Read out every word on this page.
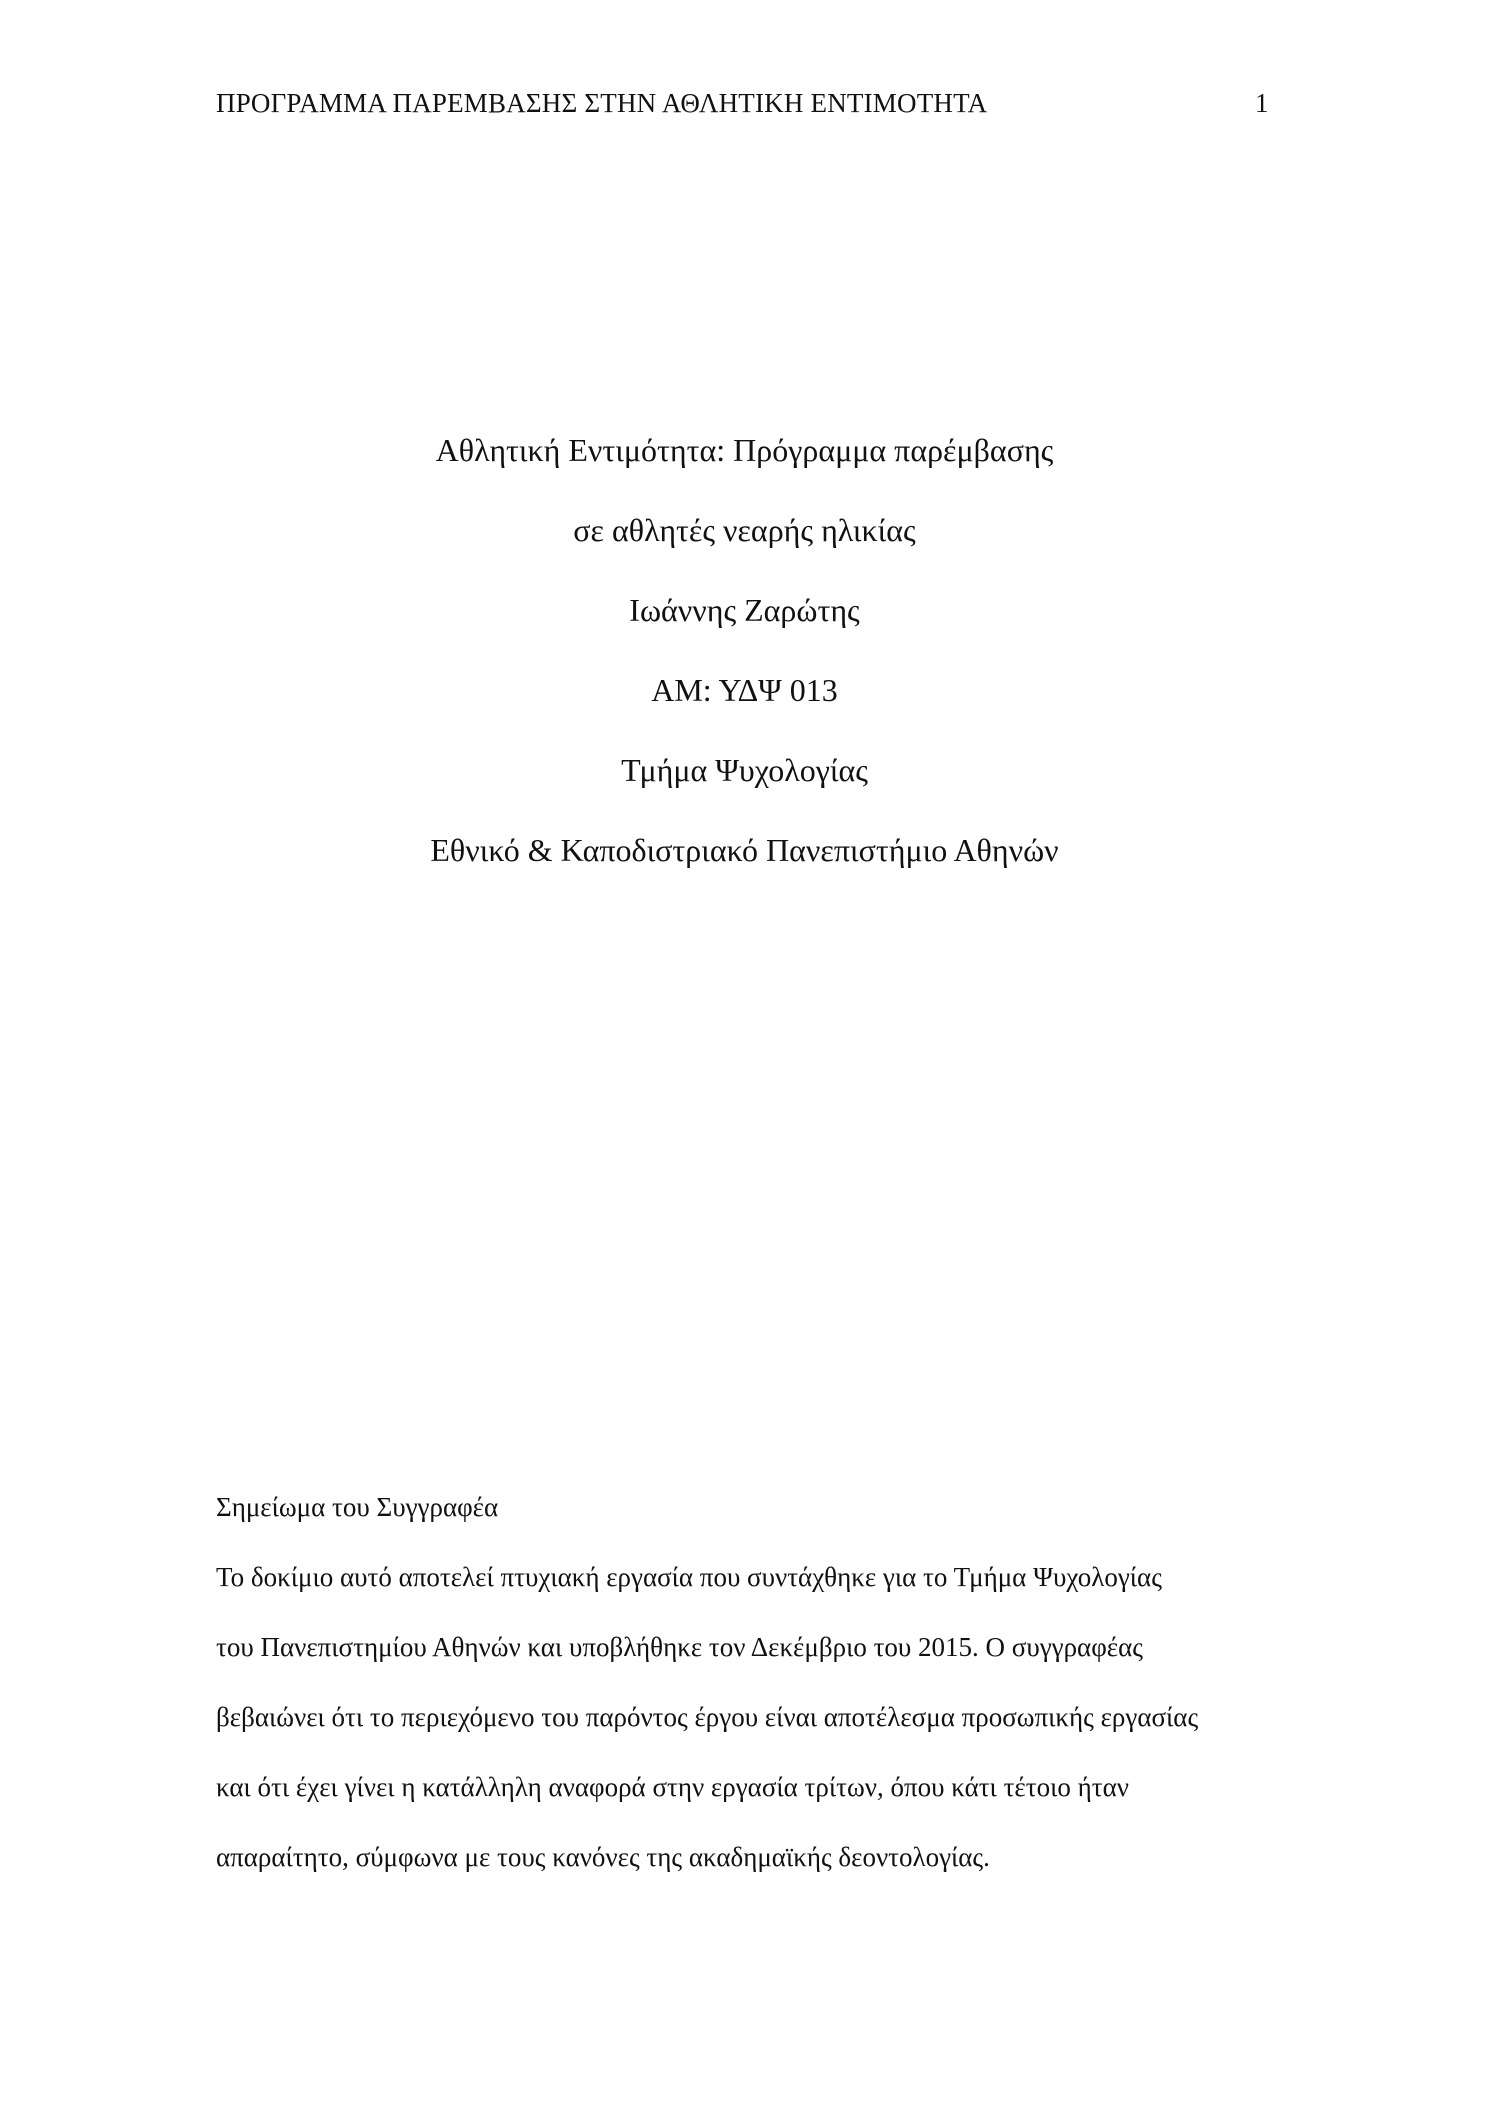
ΠΡΟΓΡΑΜΜΑ ΠΑΡΕΜΒΑΣΗΣ ΣΤΗΝ ΑΘΛΗΤΙΚΗ ΕΝΤΙΜΟΤΗΤΑ	1
Αθλητική Εντιμότητα: Πρόγραμμα παρέμβασης
σε αθλητές νεαρής ηλικίας
Ιωάννης Ζαρώτης
ΑΜ: ΥΔΨ 013
Τμήμα Ψυχολογίας
Εθνικό & Καποδιστριακό Πανεπιστήμιο Αθηνών
Σημείωμα του Συγγραφέα
Το δοκίμιο αυτό αποτελεί πτυχιακή εργασία που συντάχθηκε για το Τμήμα Ψυχολογίας
του Πανεπιστημίου Αθηνών και υποβλήθηκε τον Δεκέμβριο του 2015. Ο συγγραφέας
βεβαιώνει ότι το περιεχόμενο του παρόντος έργου είναι αποτέλεσμα προσωπικής εργασίας
και ότι έχει γίνει η κατάλληλη αναφορά στην εργασία τρίτων, όπου κάτι τέτοιο ήταν
απαραίτητο, σύμφωνα με τους κανόνες της ακαδημαϊκής δεοντολογίας.
